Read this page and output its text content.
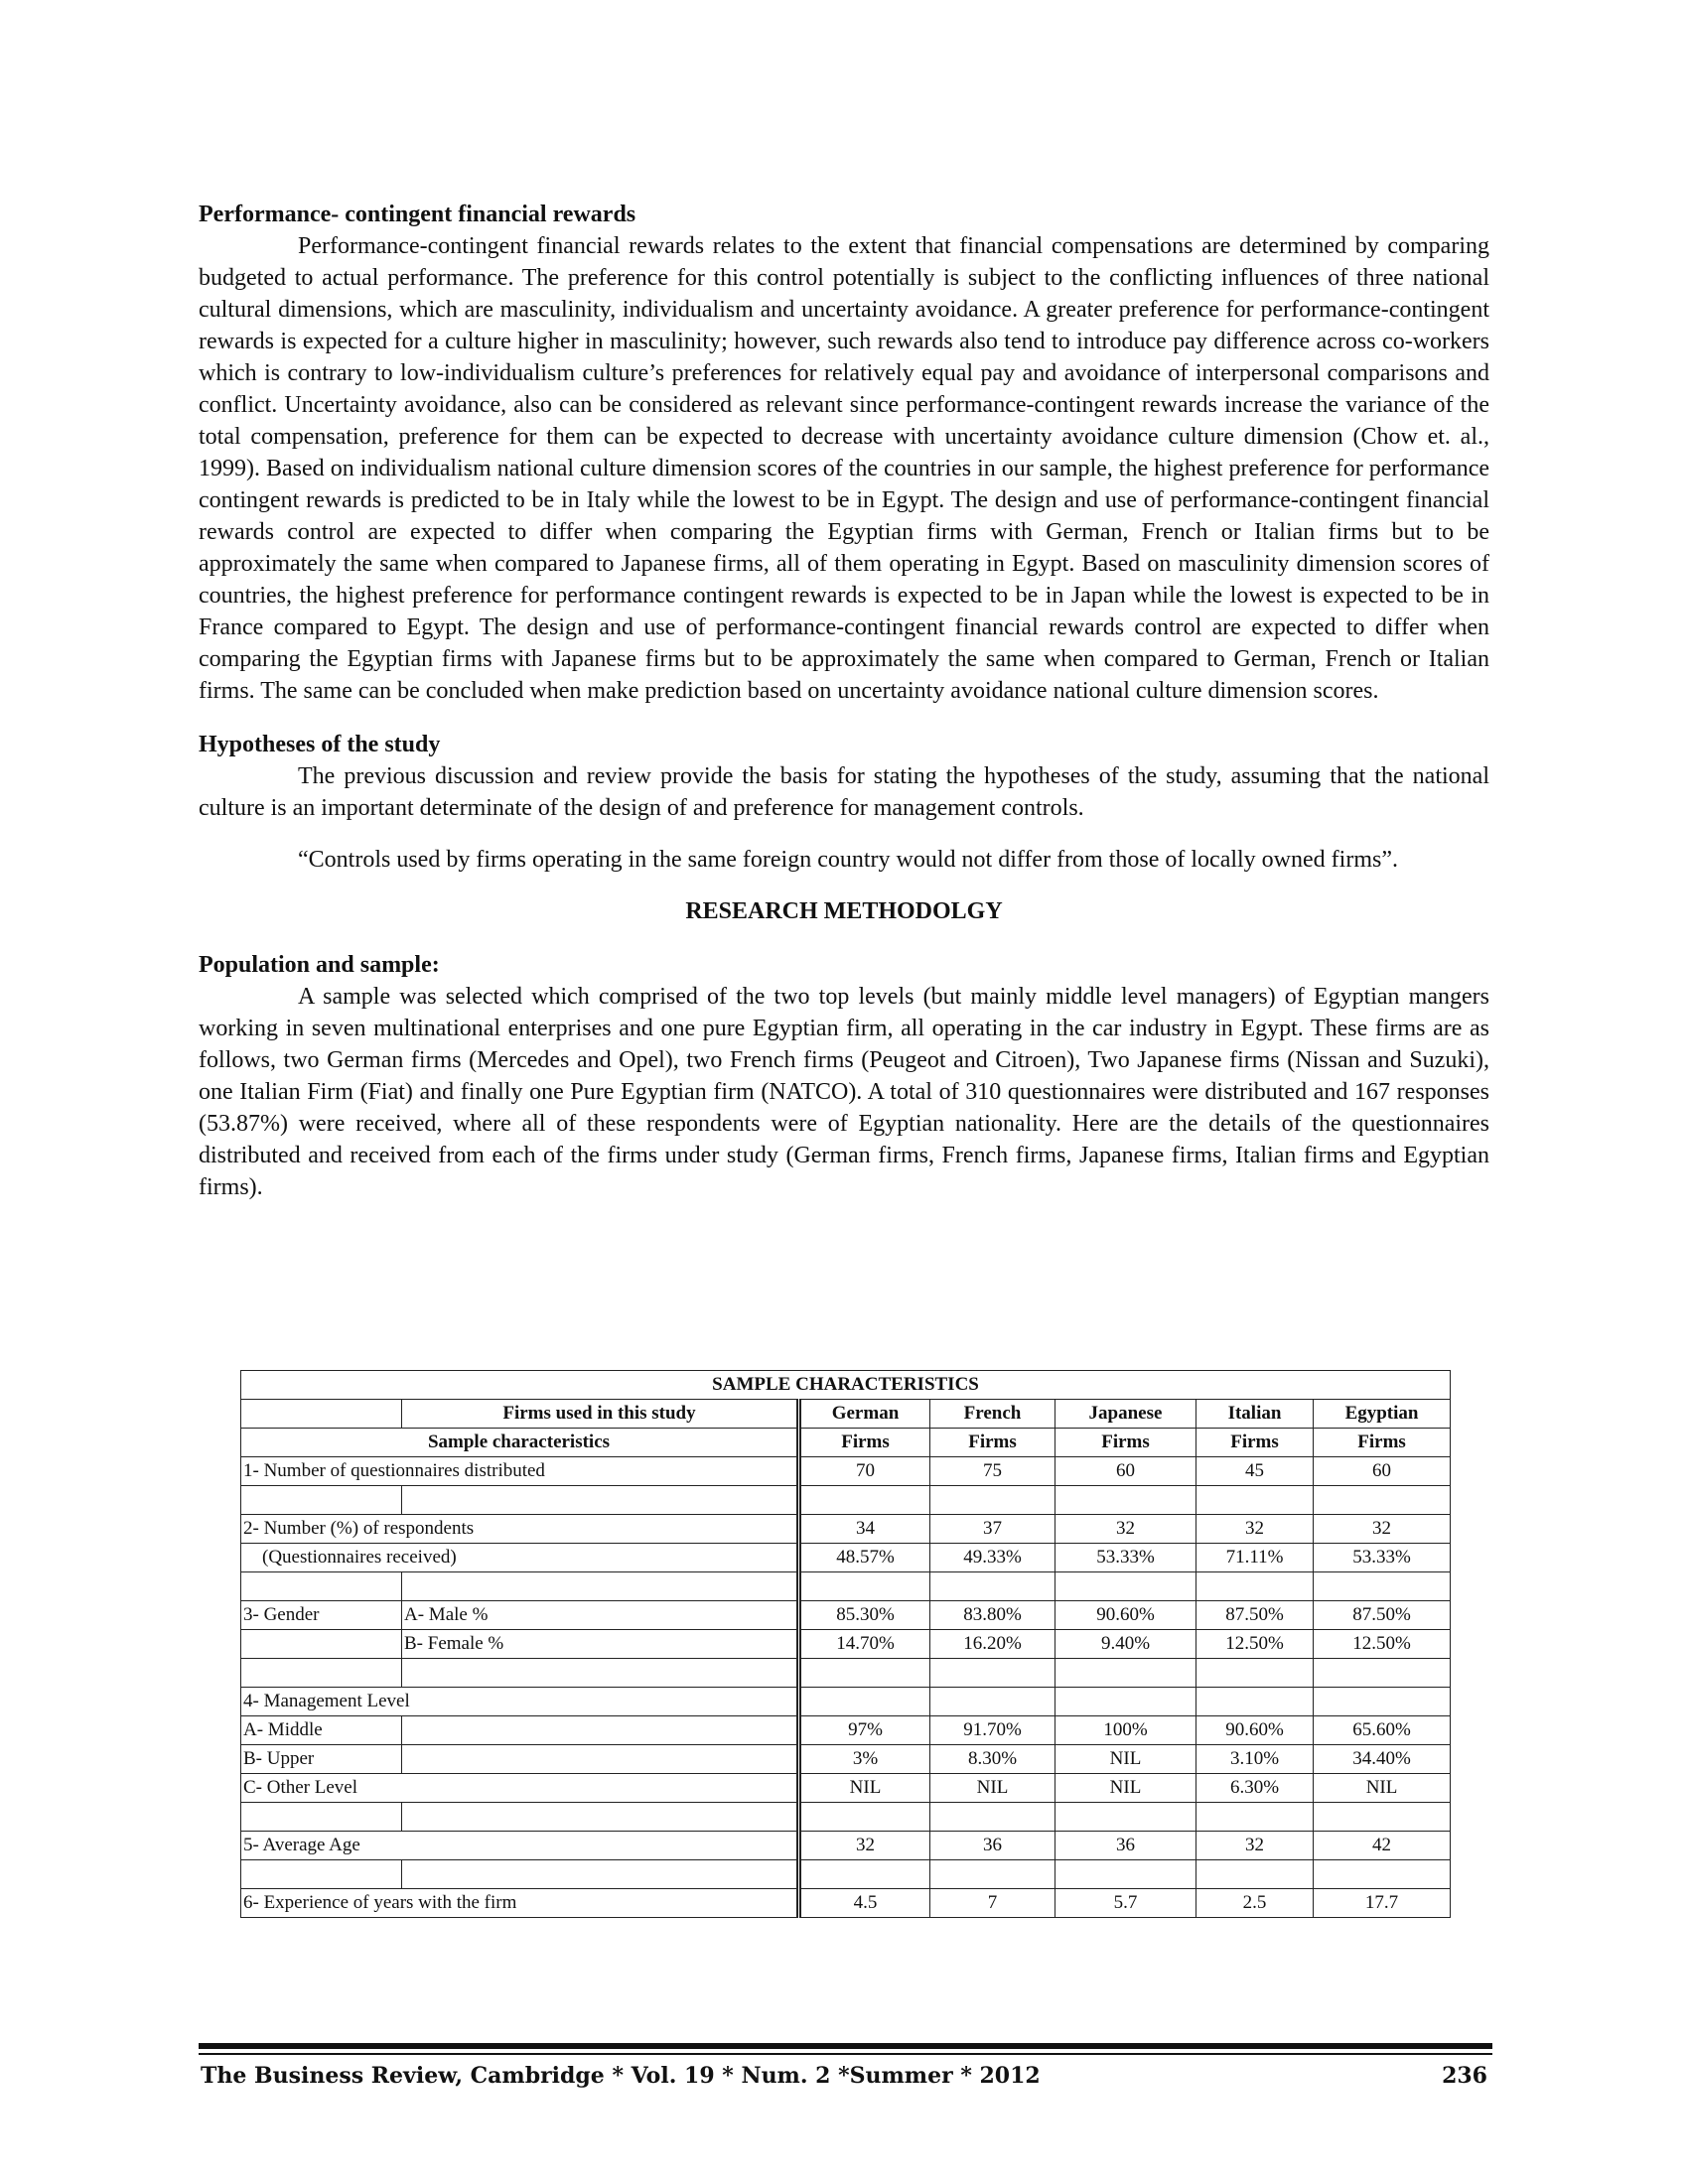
Performance- contingent financial rewards

Performance-contingent financial rewards relates to the extent that financial compensations are determined by comparing budgeted to actual performance. The preference for this control potentially is subject to the conflicting influences of three national cultural dimensions, which are masculinity, individualism and uncertainty avoidance. A greater preference for performance-contingent rewards is expected for a culture higher in masculinity; however, such rewards also tend to introduce pay difference across co-workers which is contrary to low-individualism culture’s preferences for relatively equal pay and avoidance of interpersonal comparisons and conflict. Uncertainty avoidance, also can be considered as relevant since performance-contingent rewards increase the variance of the total compensation, preference for them can be expected to decrease with uncertainty avoidance culture dimension (Chow et. al., 1999). Based on individualism national culture dimension scores of the countries in our sample, the highest preference for performance contingent rewards is predicted to be in Italy while the lowest to be in Egypt. The design and use of performance-contingent financial rewards control are expected to differ when comparing the Egyptian firms with German, French or Italian firms but to be approximately the same when compared to Japanese firms, all of them operating in Egypt. Based on masculinity dimension scores of countries, the highest preference for performance contingent rewards is expected to be in Japan while the lowest is expected to be in France compared to Egypt. The design and use of performance-contingent financial rewards control are expected to differ when comparing the Egyptian firms with Japanese firms but to be approximately the same when compared to German, French or Italian firms. The same can be concluded when make prediction based on uncertainty avoidance national culture dimension scores.

Hypotheses of the study

The previous discussion and review provide the basis for stating the hypotheses of the study, assuming that the national culture is an important determinate of the design of and preference for management controls.

“Controls used by firms operating in the same foreign country would not differ from those of locally owned firms”.

RESEARCH METHODOLGY

Population and sample:

A sample was selected which comprised of the two top levels (but mainly middle level managers) of Egyptian mangers working in seven multinational enterprises and one pure Egyptian firm, all operating in the car industry in Egypt. These firms are as follows, two German firms (Mercedes and Opel), two French firms (Peugeot and Citroen), Two Japanese firms (Nissan and Suzuki), one Italian Firm (Fiat) and finally one Pure Egyptian firm (NATCO). A total of 310 questionnaires were distributed and 167 responses (53.87%) were received, where all of these respondents were of Egyptian nationality. Here are the details of the questionnaires distributed and received from each of the firms under study (German firms, French firms, Japanese firms, Italian firms and Egyptian firms).

SAMPLE CHARACTERISTICS						
	Firms used in this study	German	French	Japanese	Italian	Egyptian
Sample characteristics		Firms	Firms	Firms	Firms	Firms
1- Number of questionnaires distributed		70	75	60	45	60

2- Number (%) of respondents		34	37	32	32	32
(Questionnaires received)		48.57%	49.33%	53.33%	71.11%	53.33%

3- Gender	A- Male %	85.30%	83.80%	90.60%	87.50%	87.50%
	B- Female %	14.70%	16.20%	9.40%	12.50%	12.50%

4- Management Level						
A- Middle		97%	91.70%	100%	90.60%	65.60%
B- Upper		3%	8.30%	NIL	3.10%	34.40%
C- Other Level		NIL	NIL	NIL	6.30%	NIL

5- Average Age		32	36	36	32	42

6- Experience of years with the firm		4.5	7	5.7	2.5	17.7
The Business Review, Cambridge * Vol. 19 * Num. 2 *Summer * 2012	236
